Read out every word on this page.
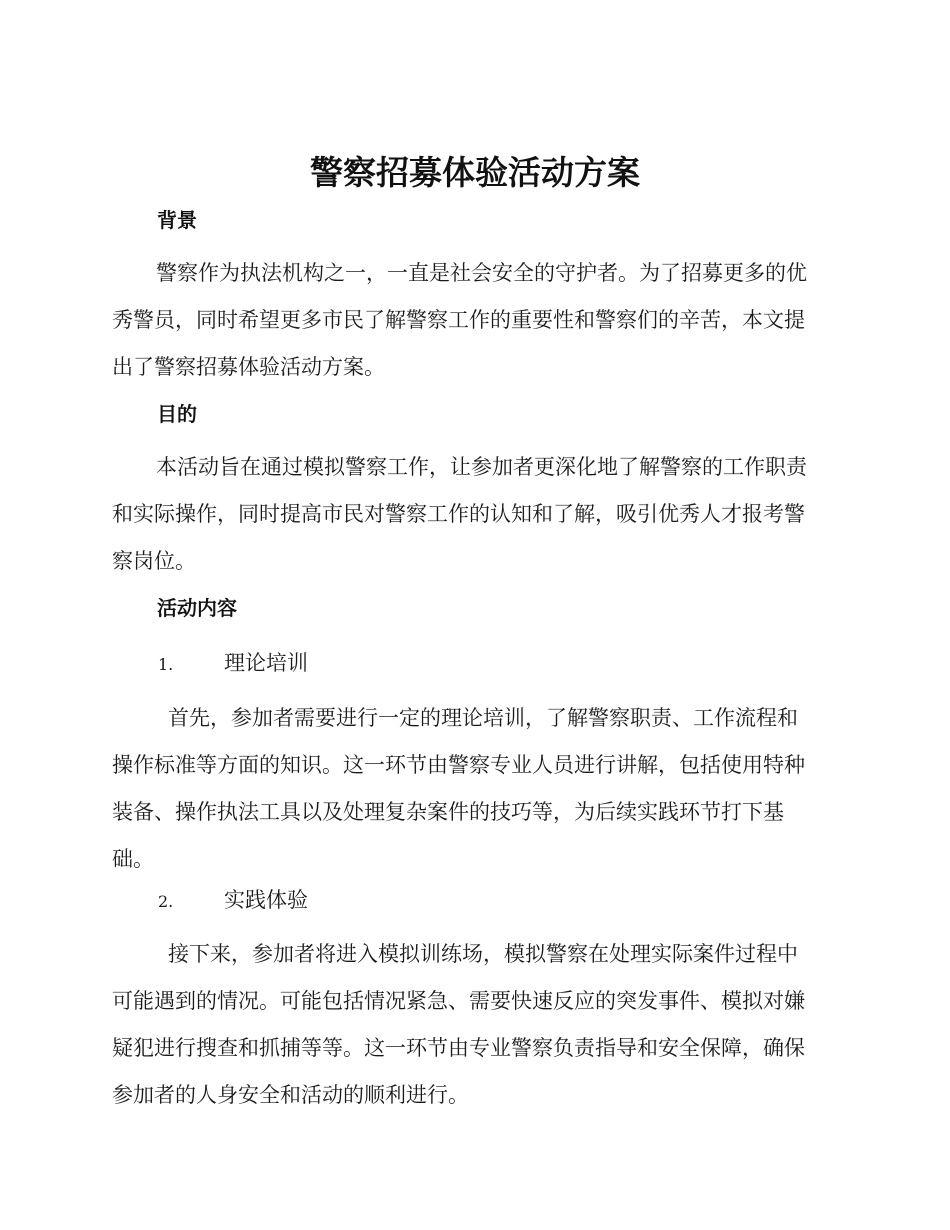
警察招募体验活动方案
背景
警察作为执法机构之一，一直是社会安全的守护者。为了招募更多的优
秀警员，同时希望更多市民了解警察工作的重要性和警察们的辛苦，本文提
出了警察招募体验活动方案。
目的
本活动旨在通过模拟警察工作，让参加者更深化地了解警察的工作职责
和实际操作，同时提高市民对警察工作的认知和了解，吸引优秀人才报考警
察岗位。
活动内容
1. 理论培训
首先，参加者需要进行一定的理论培训，了解警察职责、工作流程和
操作标准等方面的知识。这一环节由警察专业人员进行讲解，包括使用特种
装备、操作执法工具以及处理复杂案件的技巧等，为后续实践环节打下基
础。
2. 实践体验
接下来，参加者将进入模拟训练场，模拟警察在处理实际案件过程中
可能遇到的情况。可能包括情况紧急、需要快速反应的突发事件、模拟对嫌
疑犯进行搜查和抓捕等等。这一环节由专业警察负责指导和安全保障，确保
参加者的人身安全和活动的顺利进行。
